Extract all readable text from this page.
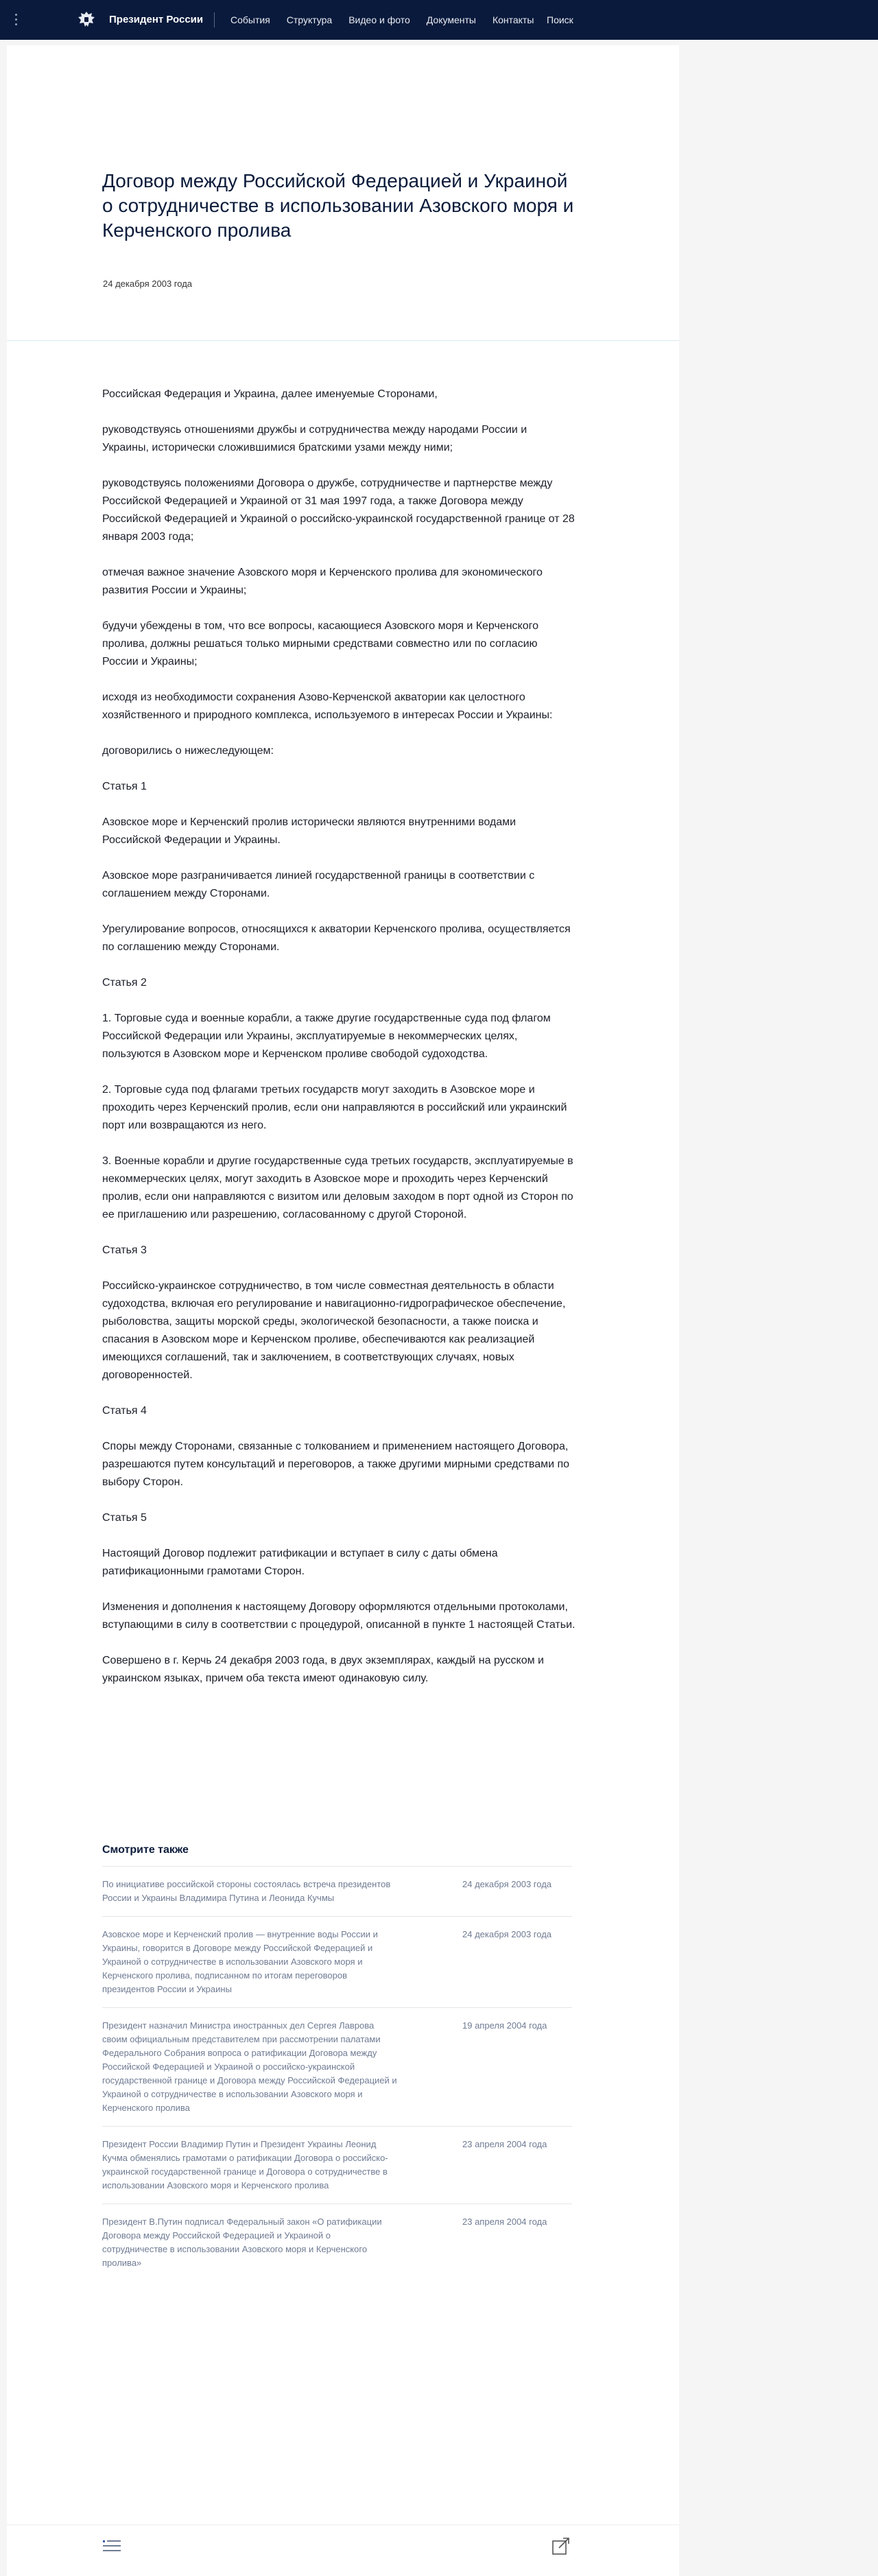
Президент России	События Структура Видео и фото Документы Контакты Поиск
Договор между Российской Федерацией и Украиной о сотрудничестве в использовании Азовского моря и Керченского пролива
24 декабря 2003 года

Российская Федерация и Украина, далее именуемые Сторонами,

руководствуясь отношениями дружбы и сотрудничества между народами России и Украины, исторически сложившимися братскими узами между ними;

руководствуясь положениями Договора о дружбе, сотрудничестве и партнерстве между Российской Федерацией и Украиной от 31 мая 1997 года, а также Договора между Российской Федерацией и Украиной о российско-украинской государственной границе от 28 января 2003 года;

отмечая важное значение Азовского моря и Керченского пролива для экономического развития России и Украины;

будучи убеждены в том, что все вопросы, касающиеся Азовского моря и Керченского пролива, должны решаться только мирными средствами совместно или по согласию России и Украины;

исходя из необходимости сохранения Азово-Керченской акватории как целостного хозяйственного и природного комплекса, используемого в интересах России и Украины:

договорились о нижеследующем:

Статья 1

Азовское море и Керченский пролив исторически являются внутренними водами Российской Федерации и Украины.

Азовское море разграничивается линией государственной границы в соответствии с соглашением между Сторонами.

Урегулирование вопросов, относящихся к акватории Керченского пролива, осуществляется по соглашению между Сторонами.

Статья 2

1. Торговые суда и военные корабли, а также другие государственные суда под флагом Российской Федерации или Украины, эксплуатируемые в некоммерческих целях, пользуются в Азовском море и Керченском проливе свободой судоходства.

2. Торговые суда под флагами третьих государств могут заходить в Азовское море и проходить через Керченский пролив, если они направляются в российский или украинский порт или возвращаются из него.

3. Военные корабли и другие государственные суда третьих государств, эксплуатируемые в некоммерческих целях, могут заходить в Азовское море и проходить через Керченский пролив, если они направляются с визитом или деловым заходом в порт одной из Сторон по ее приглашению или разрешению, согласованному с другой Стороной.

Статья 3

Российско-украинское сотрудничество, в том числе совместная деятельность в области судоходства, включая его регулирование и навигационно-гидрографическое обеспечение, рыболовства, защиты морской среды, экологической безопасности, а также поиска и спасания в Азовском море и Керченском проливе, обеспечиваются как реализацией имеющихся соглашений, так и заключением, в соответствующих случаях, новых договоренностей.

Статья 4

Споры между Сторонами, связанные с толкованием и применением настоящего Договора, разрешаются путем консультаций и переговоров, а также другими мирными средствами по выбору Сторон.

Статья 5

Настоящий Договор подлежит ратификации и вступает в силу с даты обмена ратификационными грамотами Сторон.

Изменения и дополнения к настоящему Договору оформляются отдельными протоколами, вступающими в силу в соответствии с процедурой, описанной в пункте 1 настоящей Статьи.

Совершено в г. Керчь 24 декабря 2003 года, в двух экземплярах, каждый на русском и украинском языках, причем оба текста имеют одинаковую силу.

Смотрите также
По инициативе российской стороны состоялась встреча президентов России и Украины Владимира Путина и Леонида Кучмы
24 декабря 2003 года
Азовское море и Керченский пролив — внутренние воды России и Украины, говорится в Договоре между Российской Федерацией и Украиной о сотрудничестве в использовании Азовского моря и Керченского пролива, подписанном по итогам переговоров президентов России и Украины
24 декабря 2003 года
Президент назначил Министра иностранных дел Сергея Лаврова своим официальным представителем при рассмотрении палатами Федерального Собрания вопроса о ратификации Договора между Российской Федерацией и Украиной о российско-украинской государственной границе и Договора между Российской Федерацией и Украиной о сотрудничестве в использовании Азовского моря и Керченского пролива
19 апреля 2004 года
Президент России Владимир Путин и Президент Украины Леонид Кучма обменялись грамотами о ратификации Договора о российско-украинской государственной границе и Договора о сотрудничестве в использовании Азовского моря и Керченского пролива
23 апреля 2004 года
Президент В.Путин подписал Федеральный закон «О ратификации Договора между Российской Федерацией и Украиной о сотрудничестве в использовании Азовского моря и Керченского пролива»
23 апреля 2004 года
